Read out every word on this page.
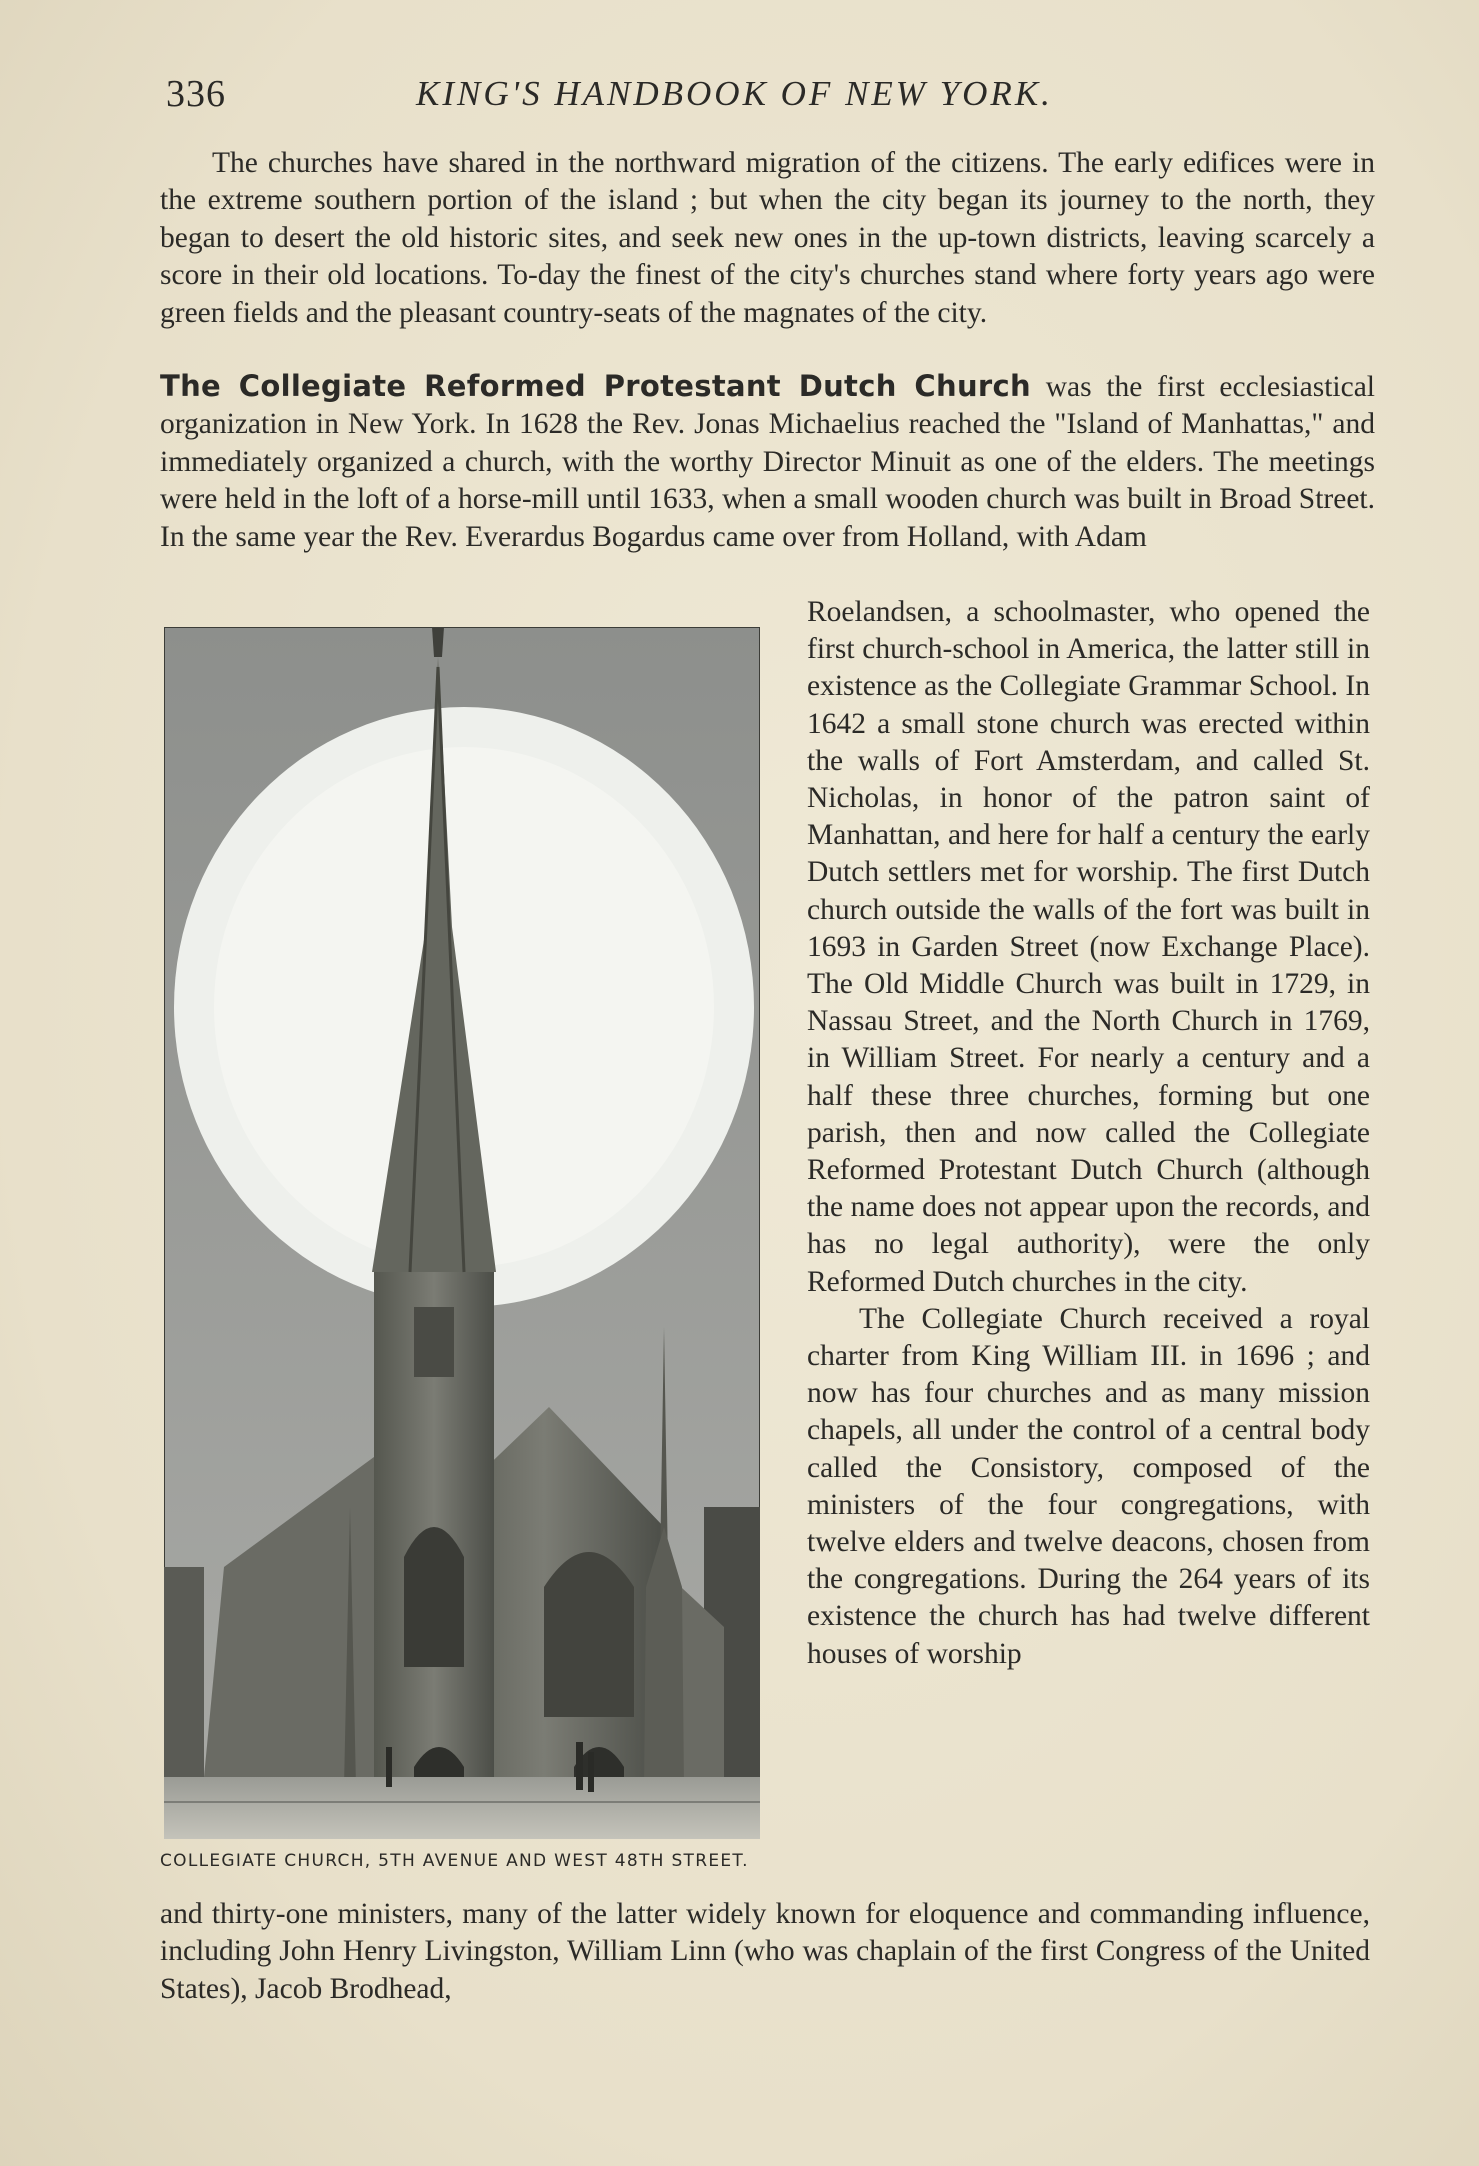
336	KING'S HANDBOOK OF NEW YORK.
The churches have shared in the northward migration of the citizens. The early edifices were in the extreme southern portion of the island ; but when the city began its journey to the north, they began to desert the old historic sites, and seek new ones in the up-town districts, leaving scarcely a score in their old locations. To-day the finest of the city's churches stand where forty years ago were green fields and the pleasant country-seats of the magnates of the city.
The Collegiate Reformed Protestant Dutch Church was the first ecclesiastical organization in New York. In 1628 the Rev. Jonas Michaelius reached the "Island of Manhattas," and immediately organized a church, with the worthy Director Minuit as one of the elders. The meetings were held in the loft of a horse-mill until 1633, when a small wooden church was built in Broad Street. In the same year the Rev. Everardus Bogardus came over from Holland, with Adam
COLLEGIATE CHURCH, 5TH AVENUE AND WEST 48TH STREET.

Roelandsen, a schoolmaster, who opened the first church-school in America, the latter still in existence as the Collegiate Grammar School. In 1642 a small stone church was erected within the walls of Fort Amsterdam, and called St. Nicholas, in honor of the patron saint of Manhattan, and here for half a century the early Dutch settlers met for worship. The first Dutch church outside the walls of the fort was built in 1693 in Garden Street (now Exchange Place). The Old Middle Church was built in 1729, in Nassau Street, and the North Church in 1769, in William Street. For nearly a century and a half these three churches, forming but one parish, then and now called the Collegiate Reformed Protestant Dutch Church (although the name does not appear upon the records, and has no legal authority), were the only Reformed Dutch churches in the city.

The Collegiate Church received a royal charter from King William III. in 1696 ; and now has four churches and as many mission chapels, all under the control of a central body called the Consistory, composed of the ministers of the four congregations, with twelve elders and twelve deacons, chosen from the congregations. During the 264 years of its existence the church has had twelve different houses of worship

and thirty-one ministers, many of the latter widely known for eloquence and commanding influence, including John Henry Livingston, William Linn (who was chaplain of the first Congress of the United States), Jacob Brodhead,
